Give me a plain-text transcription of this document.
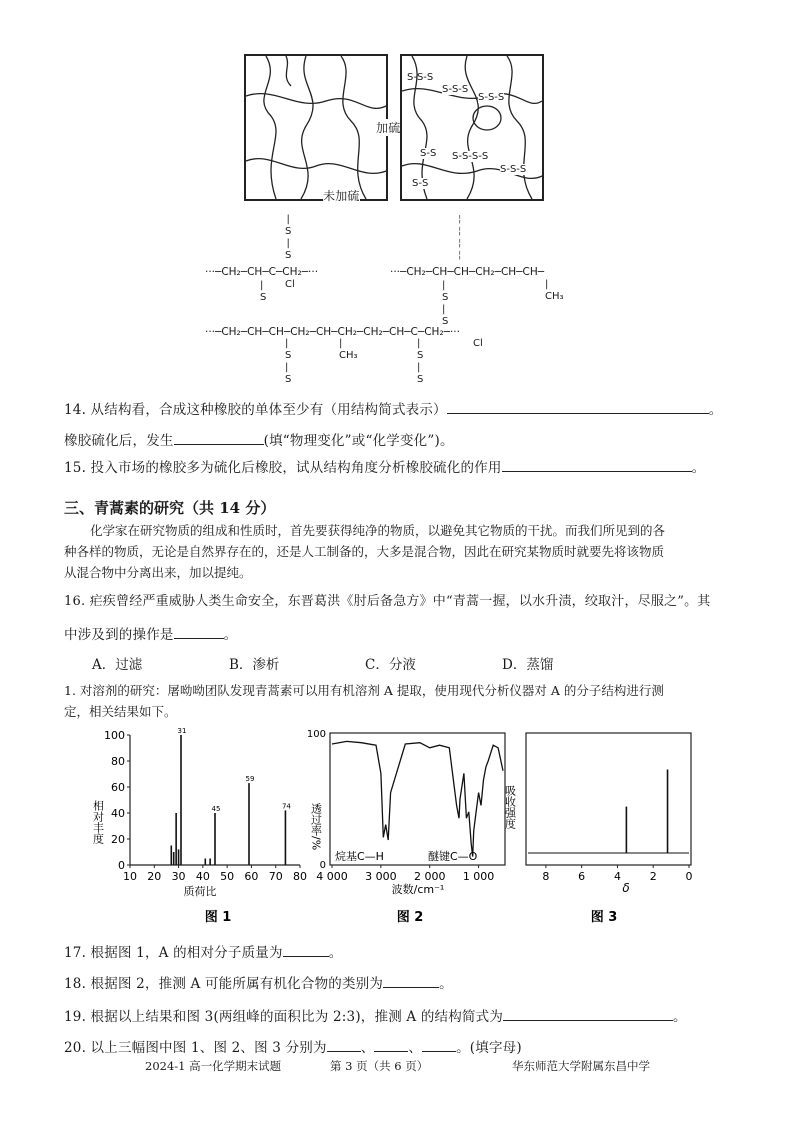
加硫
未加硫
S-S-S
S-S-S
S-S-S
S-S S-S-S-S
S-S-S
S-S
|
S
|
S
···─CH₂─CH─C─CH₂─···
Cl
|
S
¦
¦
¦
¦
···─CH₂─CH─CH─CH₂─CH─CH─
|
CH₃
|
S
|
S
···─CH₂─CH─CH─CH₂─CH─CH₂─CH₂─CH─C─CH₂─···
|
CH₃
Cl
|
S
|
S
|
S
|
S
14. 从结构看，合成这种橡胶的单体至少有（用结构简式表示）	。
橡胶硫化后，发生	(填“物理变化”或“化学变化”)。
15. 投入市场的橡胶多为硫化后橡胶，试从结构角度分析橡胶硫化的作用	。
三、青蒿素的研究（共 14 分）
化学家在研究物质的组成和性质时，首先要获得纯净的物质，以避免其它物质的干扰。而我们所见到的各
种各样的物质，无论是自然界存在的，还是人工制备的，大多是混合物，因此在研究某物质时就要先将该物质
从混合物中分离出来，加以提纯。
16. 疟疾曾经严重威胁人类生命安全，东晋葛洪《肘后备急方》中“青蒿一握，以水升渍，绞取汁，尽服之”。其
中涉及到的操作是	。
A．过滤	B．渗析	C．分液	D．蒸馏
1. 对溶剂的研究：屠呦呦团队发现青蒿素可以用有机溶剂 A 提取，使用现代分析仪器对 A 的分子结构进行测
定，相关结果如下。
100
80
60
40
20
0
10 20 30 40 50 60 70 80
31
45
59
74
相对丰度
质荷比
100
0
4 000 3 000 2 000 1 000
透过率/%
波数/cm⁻¹
烷基C—H	醚键C—O
8	6	4	2	0
吸收强度
δ
图 1	图 2	图 3
17. 根据图 1，A 的相对分子质量为	。
18. 根据图 2，推测 A 可能所属有机化合物的类别为	。
19. 根据以上结果和图 3(两组峰的面积比为 2:3)，推测 A 的结构简式为	。
20. 以上三幅图中图 1、图 2、图 3 分别为	、	、	。(填字母)
2024-1 高一化学期末试题	第 3 页（共 6 页）	华东师范大学附属东昌中学
